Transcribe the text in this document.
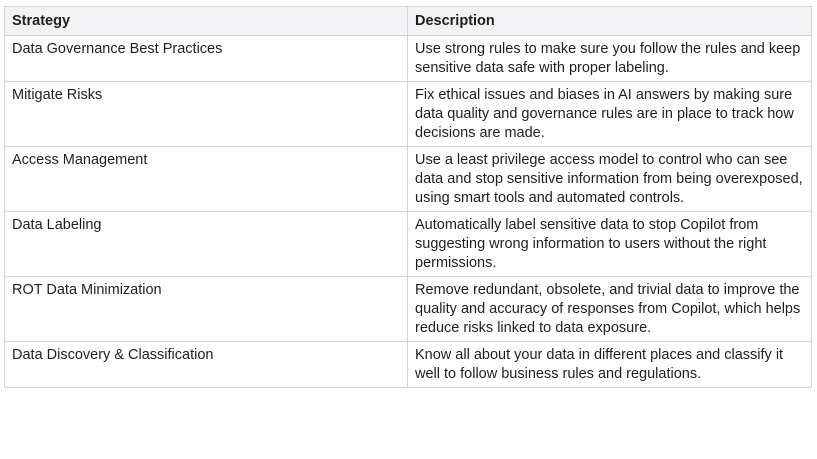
Strategy	Description
Data Governance Best Practices	Use strong rules to make sure you follow the rules and keep sensitive data safe with proper labeling.
Mitigate Risks	Fix ethical issues and biases in AI answers by making sure data quality and governance rules are in place to track how decisions are made.
Access Management	Use a least privilege access model to control who can see data and stop sensitive information from being overexposed, using smart tools and automated controls.
Data Labeling	Automatically label sensitive data to stop Copilot from suggesting wrong information to users without the right permissions.
ROT Data Minimization	Remove redundant, obsolete, and trivial data to improve the quality and accuracy of responses from Copilot, which helps reduce risks linked to data exposure.
Data Discovery & Classification	Know all about your data in different places and classify it well to follow business rules and regulations.
